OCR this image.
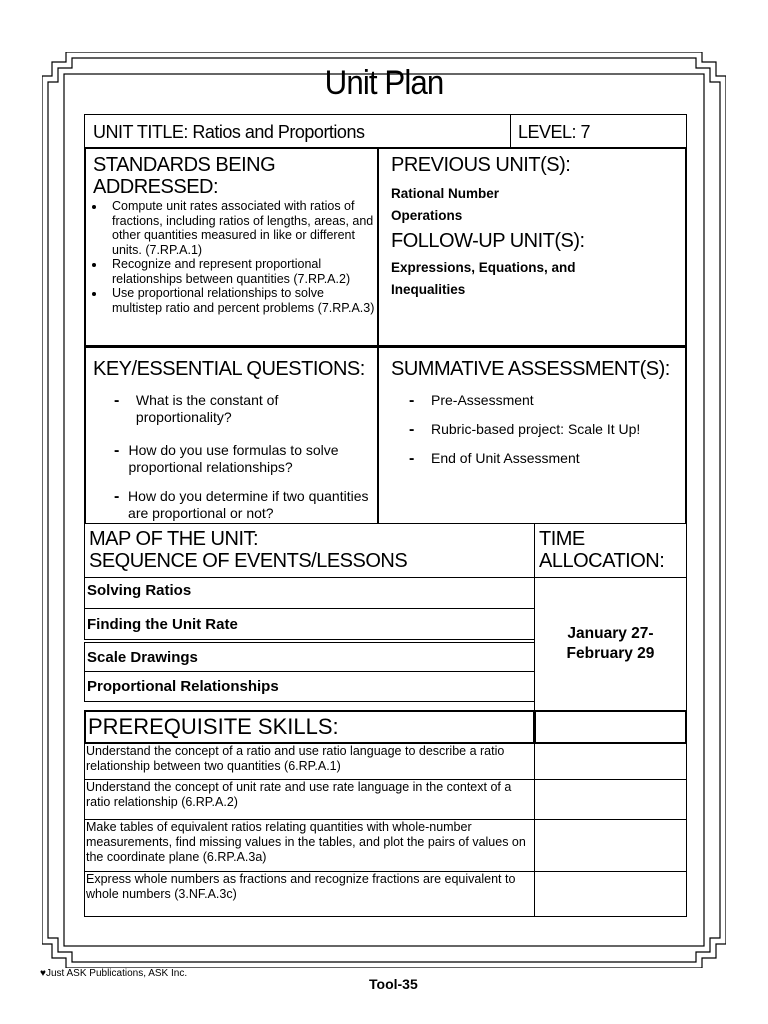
Unit Plan
UNIT TITLE: Ratios and Proportions	LEVEL: 7
STANDARDS BEING ADDRESSED:
• Compute unit rates associated with ratios of fractions, including ratios of lengths, areas, and other quantities measured in like or different units. (7.RP.A.1)
• Recognize and represent proportional relationships between quantities (7.RP.A.2)
• Use proportional relationships to solve multistep ratio and percent problems (7.RP.A.3)
PREVIOUS UNIT(S):
Rational Number
Operations
FOLLOW-UP UNIT(S):
Expressions, Equations, and
Inequalities
KEY/ESSENTIAL QUESTIONS:
-	What is the constant of proportionality?
- How do you use formulas to solve proportional relationships?
- How do you determine if two quantities are proportional or not?
SUMMATIVE ASSESSMENT(S):
-	Pre-Assessment
-	Rubric-based project: Scale It Up!
-	End of Unit Assessment
MAP OF THE UNIT:
SEQUENCE OF EVENTS/LESSONS
TIME
ALLOCATION:
Solving Ratios
Finding the Unit Rate
Scale Drawings
Proportional Relationships
January 27-
February 29
PREREQUISITE SKILLS:
Understand the concept of a ratio and use ratio language to describe a ratio relationship between two quantities (6.RP.A.1)
Understand the concept of unit rate and use rate language in the context of a ratio relationship (6.RP.A.2)
Make tables of equivalent ratios relating quantities with whole-number measurements, find missing values in the tables, and plot the pairs of values on the coordinate plane (6.RP.A.3a)
Express whole numbers as fractions and recognize fractions are equivalent to whole numbers (3.NF.A.3c)
♥Just ASK Publications, ASK Inc.
Tool-35
